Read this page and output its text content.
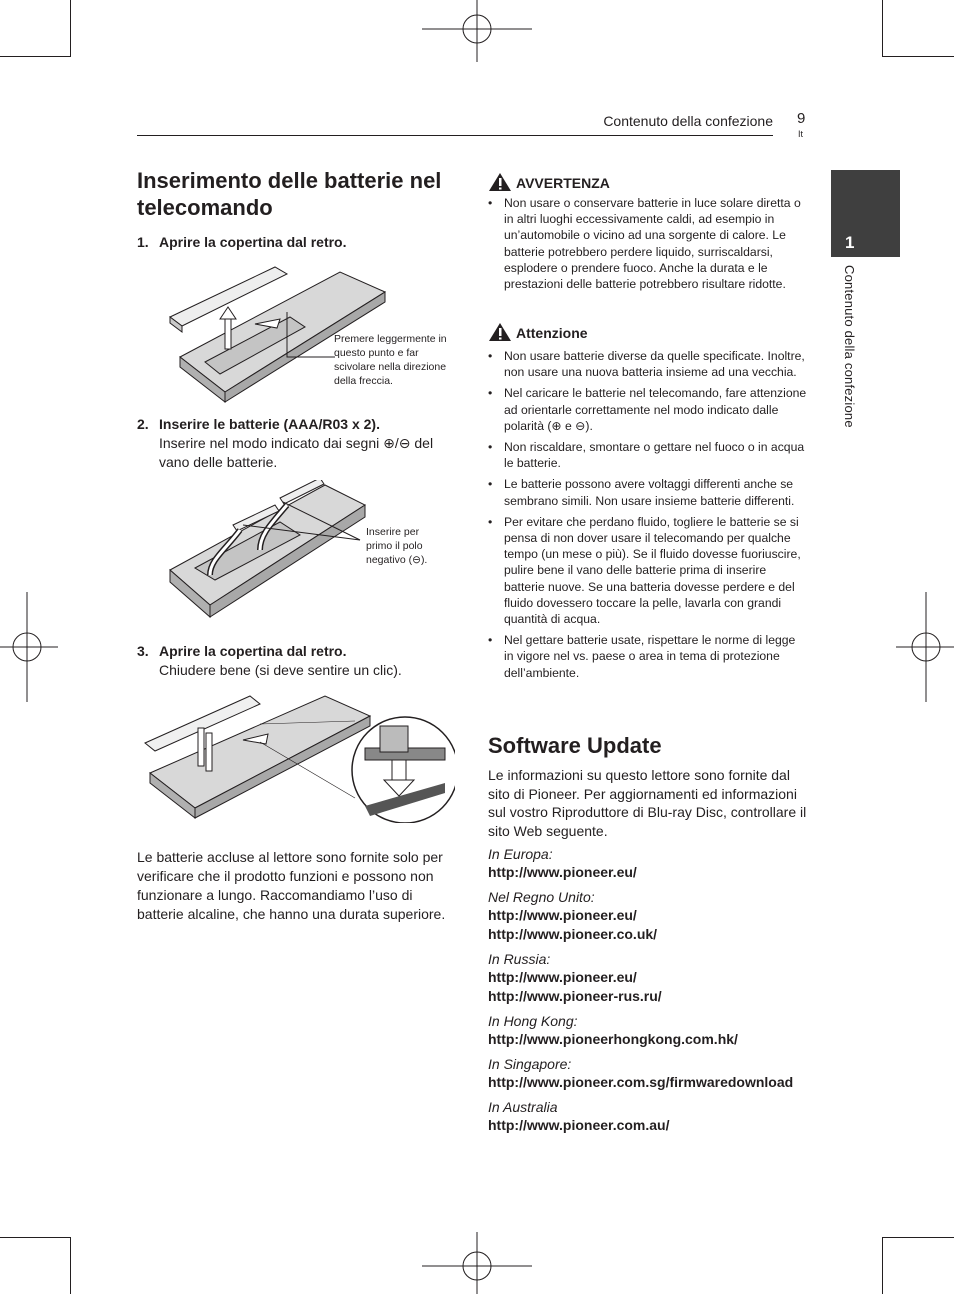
Contenuto della confezione 9
It
1
Contenuto della confezione
Inserimento delle batterie nel telecomando
1. Aprire la copertina dal retro.
Premere leggermente in questo punto e far scivolare nella direzione della freccia.
2. Inserire le batterie (AAA/R03 x 2).
Inserire nel modo indicato dai segni ⊕/⊖ del vano delle batterie.
Inserire per primo il polo negativo (⊖).
3. Aprire la copertina dal retro.
Chiudere bene (si deve sentire un clic).
Le batterie accluse al lettore sono fornite solo per verificare che il prodotto funzioni e possono non funzionare a lungo. Raccomandiamo l’uso di batterie alcaline, che hanno una durata superiore.
AVVERTENZA
• Non usare o conservare batterie in luce solare diretta o in altri luoghi eccessivamente caldi, ad esempio in un’automobile o vicino ad una sorgente di calore. Le batterie potrebbero perdere liquido, surriscaldarsi, esplodere o prendere fuoco. Anche la durata e le prestazioni delle batterie potrebbero risultare ridotte.
Attenzione
• Non usare batterie diverse da quelle specificate. Inoltre, non usare una nuova batteria insieme ad una vecchia.
• Nel caricare le batterie nel telecomando, fare attenzione ad orientarle correttamente nel modo indicato dalle polarità (⊕ e ⊖).
• Non riscaldare, smontare o gettare nel fuoco o in acqua le batterie.
• Le batterie possono avere voltaggi differenti anche se sembrano simili. Non usare insieme batterie differenti.
• Per evitare che perdano fluido, togliere le batterie se si pensa di non dover usare il telecomando per qualche tempo (un mese o più). Se il fluido dovesse fuoriuscire, pulire bene il vano delle batterie prima di inserire batterie nuove. Se una batteria dovesse perdere e del fluido dovessero toccare la pelle, lavarla con grandi quantità di acqua.
• Nel gettare batterie usate, rispettare le norme di legge in vigore nel vs. paese o area in tema di protezione dell’ambiente.
Software Update
Le informazioni su questo lettore sono fornite dal sito di Pioneer. Per aggiornamenti ed informazioni sul vostro Riproduttore di Blu-ray Disc, controllare il sito Web seguente.
In Europa:
http://www.pioneer.eu/
Nel Regno Unito:
http://www.pioneer.eu/
http://www.pioneer.co.uk/
In Russia:
http://www.pioneer.eu/
http://www.pioneer-rus.ru/
In Hong Kong:
http://www.pioneerhongkong.com.hk/
In Singapore:
http://www.pioneer.com.sg/firmwaredownload
In Australia
http://www.pioneer.com.au/
